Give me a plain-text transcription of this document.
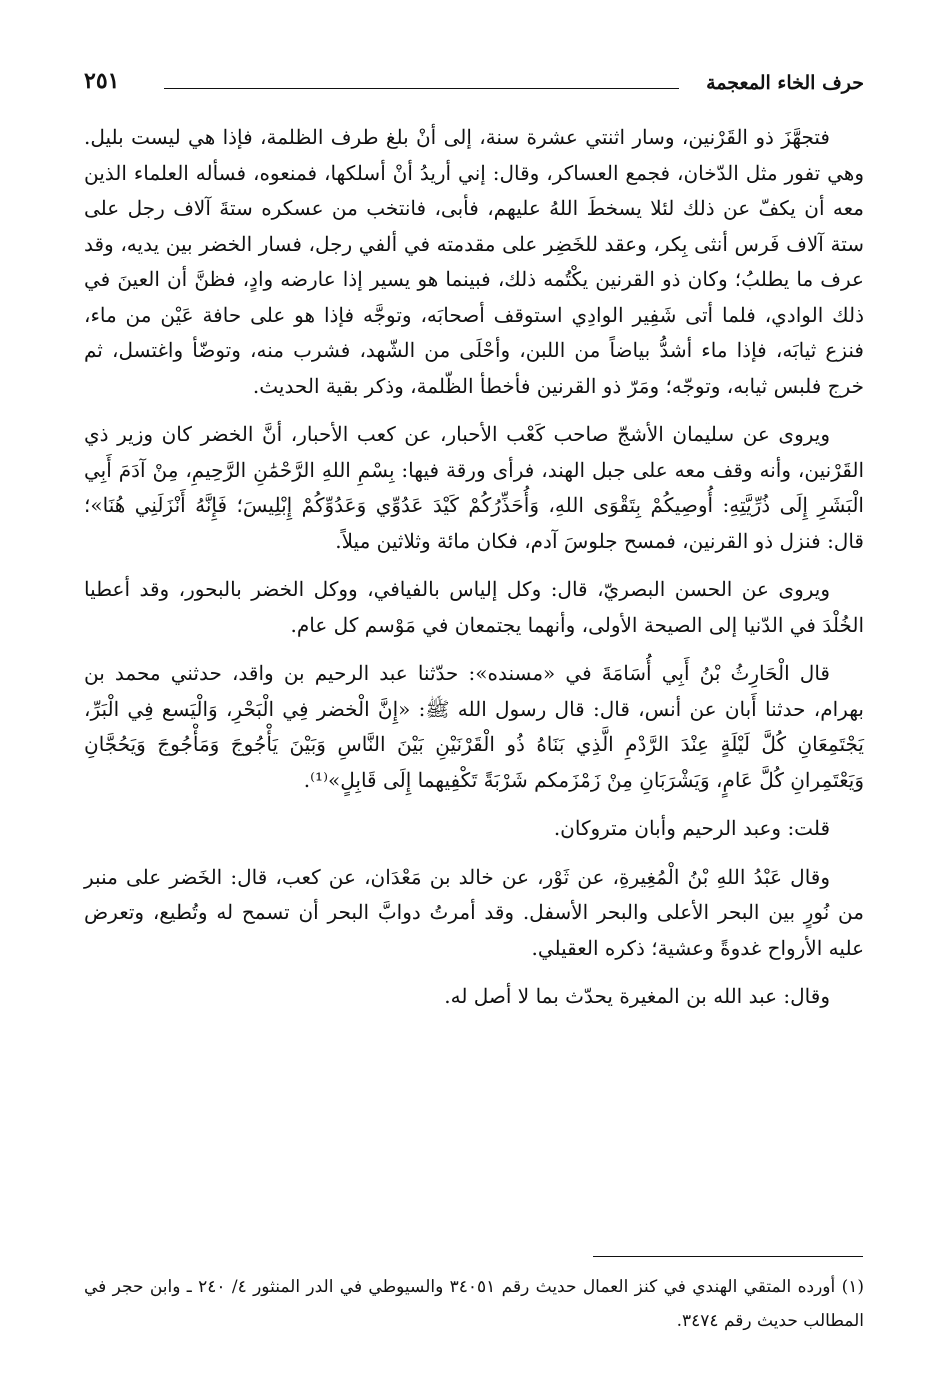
حرف الخاء المعجمة
٢٥١

فتجهَّزَ ذو القَرْنين، وسار اثنتي عشرة سنة، إلى أنْ بلغ طرف الظلمة، فإذا هي ليست بليل. وهي تفور مثل الدّخان، فجمع العساكر، وقال: إني أريدُ أنْ أسلكها، فمنعوه، فسأله العلماء الذين معه أن يكفّ عن ذلك لئلا يسخطَ اللهُ عليهم، فأبى، فانتخب من عسكره ستةَ آلاف رجل على ستة آلاف فَرس أنثى بِكر، وعقد للخَضِر على مقدمته في ألفي رجل، فسار الخضر بين يديه، وقد عرف ما يطلبُ؛ وكان ذو القرنين يكْتُمه ذلك، فبينما هو يسير إذا عارضه وادٍ، فظنَّ أن العينَ في ذلك الوادي، فلما أتى شَفِير الوادِي استوقف أصحابَه، وتوجَّه فإذا هو على حافة عَيْن من ماء، فنزع ثيابَه، فإذا ماء أشدُّ بياضاً من اللبن، وأحْلَى من الشّهد، فشرب منه، وتوضّأ واغتسل، ثم خرج فلبس ثيابه، وتوجّه؛ ومَرّ ذو القرنين فأخطأ الظّلمة، وذكر بقية الحديث.

ويروى عن سليمان الأشجّ صاحب كَعْب الأحبار، عن كعب الأحبار، أنَّ الخضر كان وزير ذي القَرْنين، وأنه وقف معه على جبل الهند، فرأى ورقة فيها: بِسْمِ اللهِ الرَّحْمَٰنِ الرَّحِيمِ، مِنْ آدَمَ أَبِي الْبَشَرِ إِلَى ذُرِّيَّتِهِ: أُوصِيكُمْ بِتَقْوَى اللهِ، وَأُحَذِّرُكُمْ كَيْدَ عَدُوِّي وَعَدُوِّكُمْ إِبْلِيسَ؛ فَإِنَّهُ أَنْزَلَنِي هُنَا»؛ قال: فنزل ذو القرنين، فمسح جلوسَ آدم، فكان مائة وثلاثين ميلاً.

ويروى عن الحسن البصريّ، قال: وكل إلياس بالفيافي، ووكل الخضر بالبحور، وقد أعطيا الخُلْدَ في الدّنيا إلى الصيحة الأولى، وأنهما يجتمعان في مَوْسم كل عام.

قال الْحَارِثُ بْنُ أَبِي أُسَامَةَ في «مسنده»: حدّثنا عبد الرحيم بن واقد، حدثني محمد بن بهرام، حدثنا أَبان عن أنس، قال: قال رسول الله ﷺ: «إِنَّ الْخضر فِي الْبَحْرِ، وَالْيَسع فِي الْبَرِّ، يَجْتَمِعَانِ كُلَّ لَيْلَةٍ عِنْدَ الرَّدْمِ الَّذِي بَنَاهُ ذُو الْقَرْنَيْنِ بَيْنَ النَّاسِ وَبَيْنَ يَأْجُوجَ وَمَأْجُوجَ وَيَحُجَّانِ وَيَعْتَمِرانِ كُلَّ عَامٍ، وَيَشْرَبَانِ مِنْ زَمْزَمكم شَرْبَةً تَكْفِيهما إِلَى قَابِلٍ»⁽¹⁾.

قلت: وعبد الرحيم وأبان متروكان.

وقال عَبْدُ اللهِ بْنُ الْمُغِيرةِ، عن ثَوْر، عن خالد بن مَعْدَان، عن كعب، قال: الخَضر على منبر من نُورٍ بين البحر الأعلى والبحر الأسفل. وقد أمرتُ دوابَّ البحر أن تسمح له وتُطيع، وتعرض عليه الأرواح غدوةً وعشية؛ ذكره العقيلي.

وقال: عبد الله بن المغيرة يحدّث بما لا أصل له.

(١) أورده المتقي الهندي في كنز العمال حديث رقم ٣٤٠٥١ والسيوطي في الدر المنثور ٤/ ٢٤٠ ـ وابن حجر في المطالب حديث رقم ٣٤٧٤.
